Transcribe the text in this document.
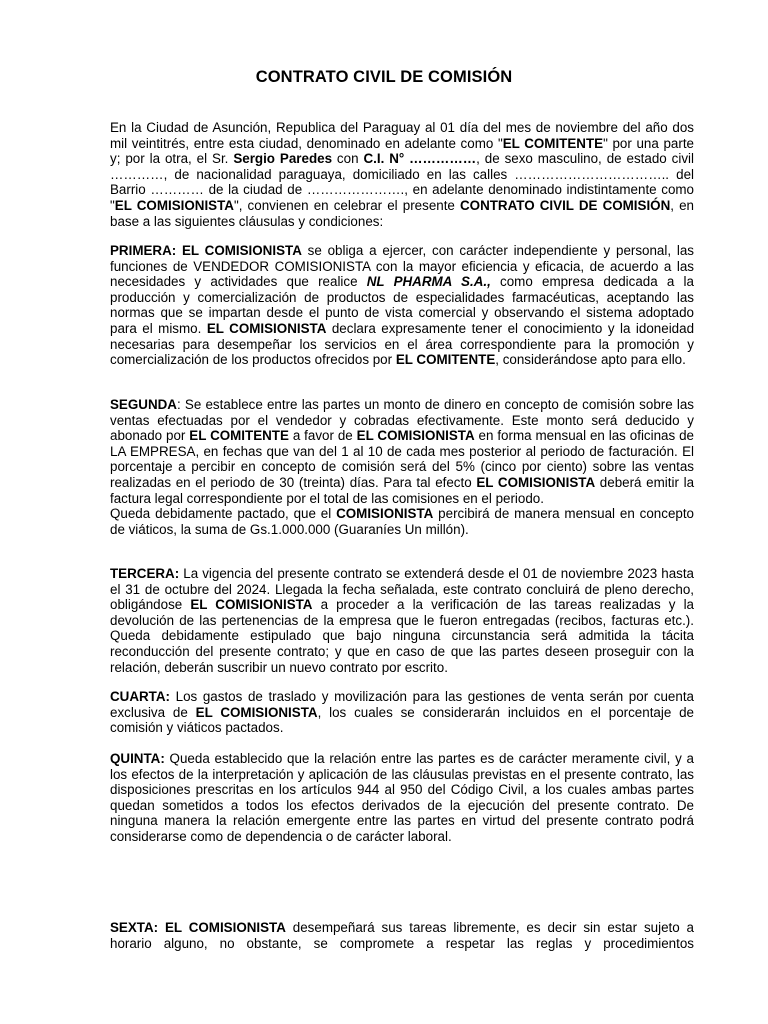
CONTRATO CIVIL DE COMISIÓN

En la Ciudad de Asunción, Republica del Paraguay al 01 día del mes de noviembre del año dos mil veintitrés, entre esta ciudad, denominado en adelante como "EL COMITENTE" por una parte y; por la otra, el Sr. Sergio Paredes con C.I. N° ……………, de sexo masculino, de estado civil …………, de nacionalidad paraguaya, domiciliado en las calles …………………………….. del Barrio ………… de la ciudad de …………………., en adelante denominado indistintamente como "EL COMISIONISTA", convienen en celebrar el presente CONTRATO CIVIL DE COMISIÓN, en base a las siguientes cláusulas y condiciones:

PRIMERA: EL COMISIONISTA se obliga a ejercer, con carácter independiente y personal, las funciones de VENDEDOR COMISIONISTA con la mayor eficiencia y eficacia, de acuerdo a las necesidades y actividades que realice NL PHARMA S.A., como empresa dedicada a la producción y comercialización de productos de especialidades farmacéuticas, aceptando las normas que se impartan desde el punto de vista comercial y observando el sistema adoptado para el mismo. EL COMISIONISTA declara expresamente tener el conocimiento y la idoneidad necesarias para desempeñar los servicios en el área correspondiente para la promoción y comercialización de los productos ofrecidos por EL COMITENTE, considerándose apto para ello.

SEGUNDA: Se establece entre las partes un monto de dinero en concepto de comisión sobre las ventas efectuadas por el vendedor y cobradas efectivamente. Este monto será deducido y abonado por EL COMITENTE a favor de EL COMISIONISTA en forma mensual en las oficinas de LA EMPRESA, en fechas que van del 1 al 10 de cada mes posterior al periodo de facturación. El porcentaje a percibir en concepto de comisión será del 5% (cinco por ciento) sobre las ventas realizadas en el periodo de 30 (treinta) días. Para tal efecto EL COMISIONISTA deberá emitir la factura legal correspondiente por el total de las comisiones en el periodo.

Queda debidamente pactado, que el COMISIONISTA percibirá de manera mensual en concepto de viáticos, la suma de Gs.1.000.000 (Guaraníes Un millón).

TERCERA: La vigencia del presente contrato se extenderá desde el 01 de noviembre 2023 hasta el 31 de octubre del 2024. Llegada la fecha señalada, este contrato concluirá de pleno derecho, obligándose EL COMISIONISTA a proceder a la verificación de las tareas realizadas y la devolución de las pertenencias de la empresa que le fueron entregadas (recibos, facturas etc.). Queda debidamente estipulado que bajo ninguna circunstancia será admitida la tácita reconducción del presente contrato; y que en caso de que las partes deseen proseguir con la relación, deberán suscribir un nuevo contrato por escrito.

CUARTA: Los gastos de traslado y movilización para las gestiones de venta serán por cuenta exclusiva de EL COMISIONISTA, los cuales se considerarán incluidos en el porcentaje de comisión y viáticos pactados.

QUINTA: Queda establecido que la relación entre las partes es de carácter meramente civil, y a los efectos de la interpretación y aplicación de las cláusulas previstas en el presente contrato, las disposiciones prescritas en los artículos 944 al 950 del Código Civil, a los cuales ambas partes quedan sometidos a todos los efectos derivados de la ejecución del presente contrato. De ninguna manera la relación emergente entre las partes en virtud del presente contrato podrá considerarse como de dependencia o de carácter laboral.

SEXTA: EL COMISIONISTA desempeñará sus tareas libremente, es decir sin estar sujeto a horario alguno, no obstante, se compromete a respetar las reglas y procedimientos
